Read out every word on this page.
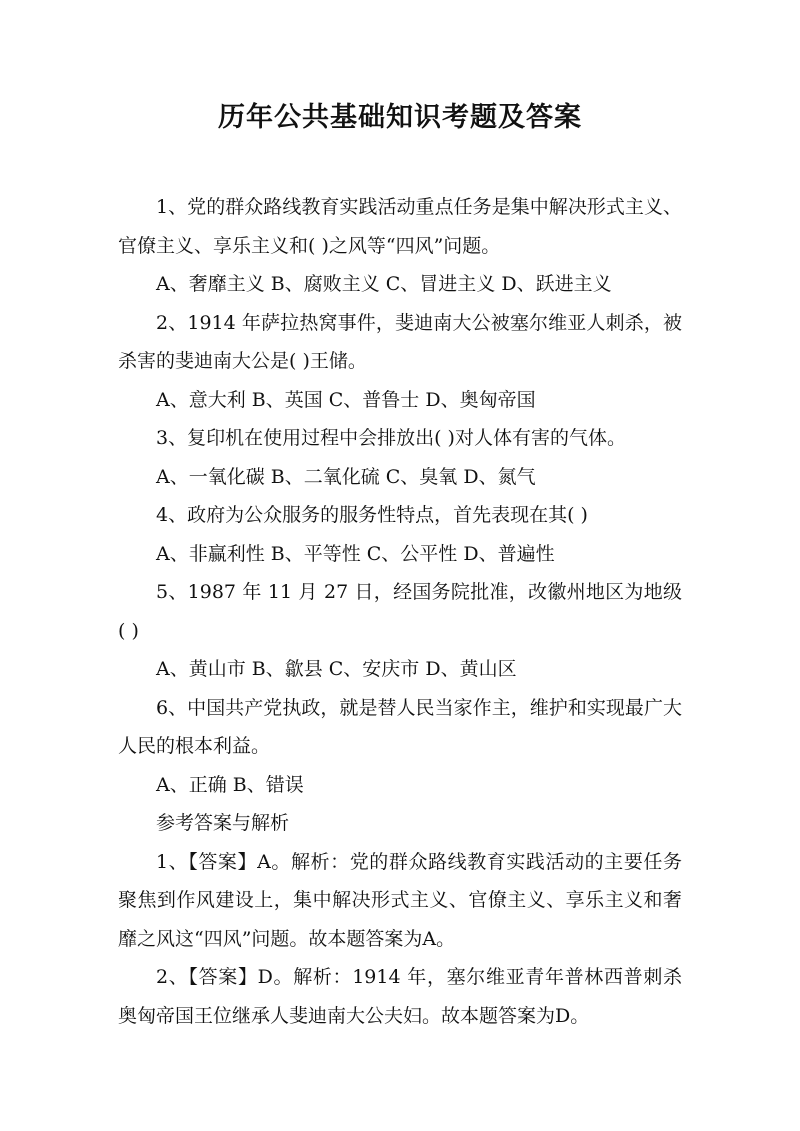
历年公共基础知识考题及答案

1、党的群众路线教育实践活动重点任务是集中解决形式主义、官僚主义、享乐主义和( )之风等“四风”问题。

A、奢靡主义 B、腐败主义 C、冒进主义 D、跃进主义

2、1914 年萨拉热窝事件，斐迪南大公被塞尔维亚人刺杀，被杀害的斐迪南大公是( )王储。

A、意大利 B、英国 C、普鲁士 D、奥匈帝国

3、复印机在使用过程中会排放出( )对人体有害的气体。

A、一氧化碳 B、二氧化硫 C、臭氧 D、氮气

4、政府为公众服务的服务性特点，首先表现在其( )

A、非赢利性 B、平等性 C、公平性 D、普遍性

5、1987 年 11 月 27 日，经国务院批准，改徽州地区为地级( )

A、黄山市 B、歙县 C、安庆市 D、黄山区

6、中国共产党执政，就是替人民当家作主，维护和实现最广大人民的根本利益。

A、正确 B、错误

参考答案与解析

1、【答案】A。解析：党的群众路线教育实践活动的主要任务聚焦到作风建设上，集中解决形式主义、官僚主义、享乐主义和奢靡之风这“四风”问题。故本题答案为A。

2、【答案】D。解析：1914 年，塞尔维亚青年普林西普刺杀奥匈帝国王位继承人斐迪南大公夫妇。故本题答案为D。
